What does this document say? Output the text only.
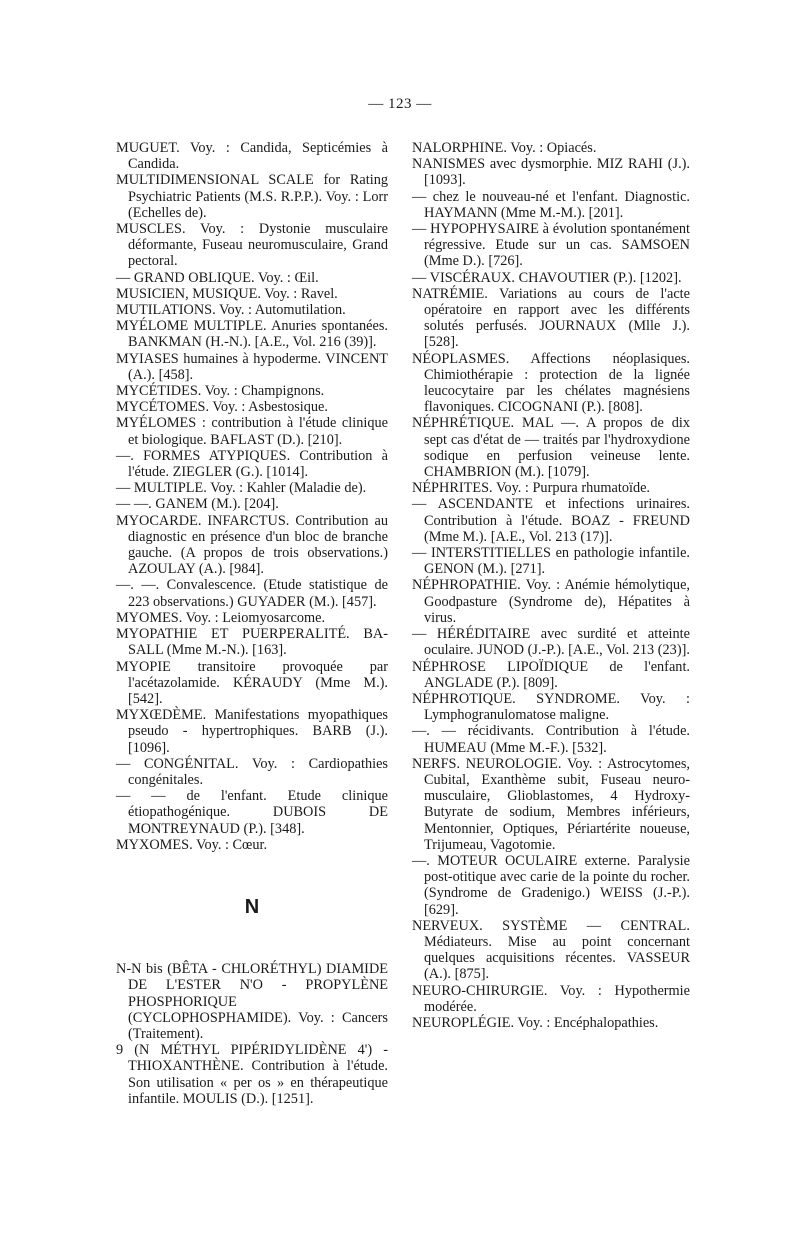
— 123 —

MUGUET. Voy. : Candida, Septicémies à Candida.

MULTIDIMENSIONAL SCALE for Rating Psychiatric Patients (M.S. R.P.P.). Voy. : Lorr (Echelles de).

MUSCLES. Voy. : Dystonie musculaire déformante, Fuseau neuromusculaire, Grand pectoral.

— GRAND OBLIQUE. Voy. : Œil.

MUSICIEN, MUSIQUE. Voy. : Ravel.

MUTILATIONS. Voy. : Automutilation.

MYÉLOME MULTIPLE. Anuries spontanées. BANKMAN (H.-N.). [A.E., Vol. 216 (39)].

MYIASES humaines à hypoderme. VINCENT (A.). [458].

MYCÉTIDES. Voy. : Champignons.

MYCÉTOMES. Voy. : Asbestosique.

MYÉLOMES : contribution à l'étude clinique et biologique. BAFLAST (D.). [210].

—. FORMES ATYPIQUES. Contribution à l'étude. ZIEGLER (G.). [1014].

— MULTIPLE. Voy. : Kahler (Maladie de).

— —. GANEM (M.). [204].

MYOCARDE. INFARCTUS. Contribution au diagnostic en présence d'un bloc de branche gauche. (A propos de trois observations.) AZOULAY (A.). [984].

—. —. Convalescence. (Etude statistique de 223 observations.) GUYADER (M.). [457].

MYOMES. Voy. : Leiomyosarcome.

MYOPATHIE ET PUERPERALITÉ. BA-SALL (Mme M.-N.). [163].

MYOPIE transitoire provoquée par l'acétazolamide. KÉRAUDY (Mme M.). [542].

MYXŒDÈME. Manifestations myopathiques pseudo - hypertrophiques. BARB (J.). [1096].

— CONGÉNITAL. Voy. : Cardiopathies congénitales.

— — de l'enfant. Etude clinique étiopathogénique. DUBOIS DE MONTREYNAUD (P.). [348].

MYXOMES. Voy. : Cœur.

N

N-N bis (BÊTA - CHLORÉTHYL) DIAMIDE DE L'ESTER N'O - PROPYLÈNE PHOSPHORIQUE (CYCLOPHOSPHAMIDE). Voy. : Cancers (Traitement).

9 (N MÉTHYL PIPÉRIDYLIDÈNE 4') - THIOXANTHÈNE. Contribution à l'étude. Son utilisation « per os » en thérapeutique infantile. MOULIS (D.). [1251].

NALORPHINE. Voy. : Opiacés.

NANISMES avec dysmorphie. MIZ RAHI (J.). [1093].

— chez le nouveau-né et l'enfant. Diagnostic. HAYMANN (Mme M.-M.). [201].

— HYPOPHYSAIRE à évolution spontanément régressive. Etude sur un cas. SAMSOEN (Mme D.). [726].

— VISCÉRAUX. CHAVOUTIER (P.). [1202].

NATRÉMIE. Variations au cours de l'acte opératoire en rapport avec les différents solutés perfusés. JOURNAUX (Mlle J.). [528].

NÉOPLASMES. Affections néoplasiques. Chimiothérapie : protection de la lignée leucocytaire par les chélates magnésiens flavoniques. CICOGNANI (P.). [808].

NÉPHRÉTIQUE. MAL —. A propos de dix sept cas d'état de — traités par l'hydroxydione sodique en perfusion veineuse lente. CHAMBRION (M.). [1079].

NÉPHRITES. Voy. : Purpura rhumatoïde.

— ASCENDANTE et infections urinaires. Contribution à l'étude. BOAZ - FREUND (Mme M.). [A.E., Vol. 213 (17)].

— INTERSTITIELLES en pathologie infantile. GENON (M.). [271].

NÉPHROPATHIE. Voy. : Anémie hémolytique, Goodpasture (Syndrome de), Hépatites à virus.

— HÉRÉDITAIRE avec surdité et atteinte oculaire. JUNOD (J.-P.). [A.E., Vol. 213 (23)].

NÉPHROSE LIPOÏDIQUE de l'enfant. ANGLADE (P.). [809].

NÉPHROTIQUE. SYNDROME. Voy. : Lymphogranulomatose maligne.

—. — récidivants. Contribution à l'étude. HUMEAU (Mme M.-F.). [532].

NERFS. NEUROLOGIE. Voy. : Astrocytomes, Cubital, Exanthème subit, Fuseau neuro-musculaire, Glioblastomes, 4 Hydroxy-Butyrate de sodium, Membres inférieurs, Mentonnier, Optiques, Périartérite noueuse, Trijumeau, Vagotomie.

—. MOTEUR OCULAIRE externe. Paralysie post-otitique avec carie de la pointe du rocher. (Syndrome de Gradenigo.) WEISS (J.-P.). [629].

NERVEUX. SYSTÈME — CENTRAL. Médiateurs. Mise au point concernant quelques acquisitions récentes. VASSEUR (A.). [875].

NEURO-CHIRURGIE. Voy. : Hypothermie modérée.

NEUROPLÉGIE. Voy. : Encéphalopathies.
